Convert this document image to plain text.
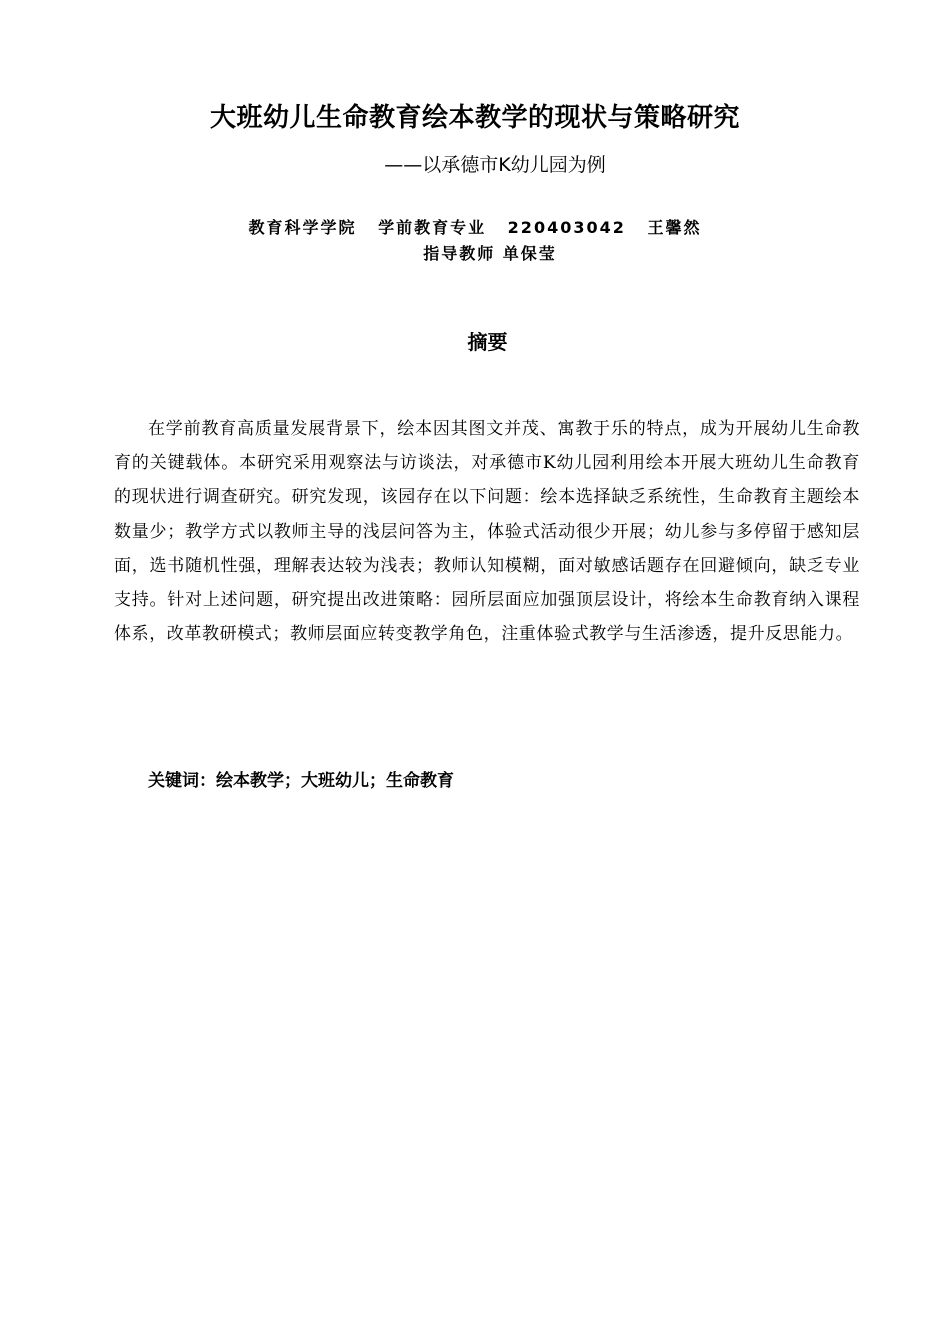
大班幼儿生命教育绘本教学的现状与策略研究
——以承德市K幼儿园为例
教育科学学院 学前教育专业 220403042 王馨然
指导教师 单保莹
摘要

在学前教育高质量发展背景下，绘本因其图文并茂、寓教于乐的特点，成为开展幼儿生命教育的关键载体。本研究采用观察法与访谈法，对承德市K幼儿园利用绘本开展大班幼儿生命教育的现状进行调查研究。研究发现，该园存在以下问题：绘本选择缺乏系统性，生命教育主题绘本数量少；教学方式以教师主导的浅层问答为主，体验式活动很少开展；幼儿参与多停留于感知层面，选书随机性强，理解表达较为浅表；教师认知模糊，面对敏感话题存在回避倾向，缺乏专业支持。针对上述问题，研究提出改进策略：园所层面应加强顶层设计，将绘本生命教育纳入课程体系，改革教研模式；教师层面应转变教学角色，注重体验式教学与生活渗透，提升反思能力。

关键词：绘本教学；大班幼儿；生命教育
